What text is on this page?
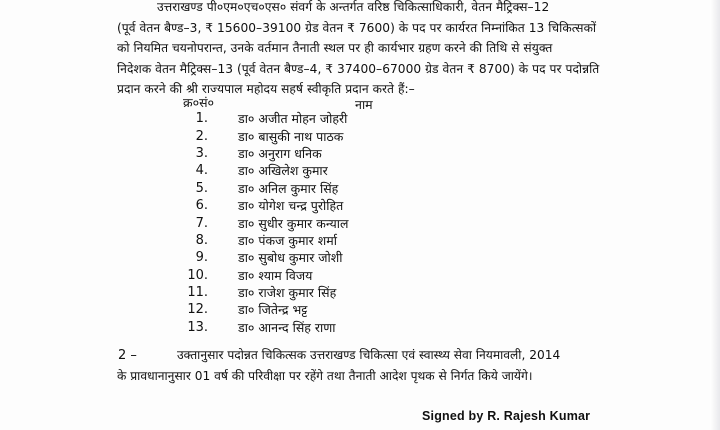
उत्तराखण्ड पी०एम०एच०एस० संवर्ग के अन्तर्गत वरिष्ठ चिकित्साधिकारी, वेतन मैट्रिक्स–12
(पूर्व वेतन बैण्ड–3, ₹ 15600–39100 ग्रेड वेतन ₹ 7600) के पद पर कार्यरत निम्नांकित 13 चिकित्सकों
को नियमित चयनोपरान्त, उनके वर्तमान तैनाती स्थल पर ही कार्यभार ग्रहण करने की तिथि से संयुक्त
निदेशक वेतन मैट्रिक्स–13 (पूर्व वेतन बैण्ड–4, ₹ 37400–67000 ग्रेड वेतन ₹ 8700) के पद पर पदोन्नति
प्रदान करने की श्री राज्यपाल महोदय सहर्ष स्वीकृति प्रदान करते हैं:–
क्र०सं०	नाम
1. डा० अजीत मोहन जोहरी
2. डा० बासुकी नाथ पाठक
3. डा० अनुराग धनिक
4. डा० अखिलेश कुमार
5. डा० अनिल कुमार सिंह
6. डा० योगेश चन्द्र पुरोहित
7. डा० सुधीर कुमार कन्याल
8. डा० पंकज कुमार शर्मा
9. डा० सुबोध कुमार जोशी
10. डा० श्याम विजय
11. डा० राजेश कुमार सिंह
12. डा० जितेन्द्र भट्ट
13. डा० आनन्द सिंह राणा
2 –	उक्तानुसार पदोन्नत चिकित्सक उत्तराखण्ड चिकित्सा एवं स्वास्थ्य सेवा नियमावली, 2014
के प्रावधानानुसार 01 वर्ष की परिवीक्षा पर रहेंगे तथा तैनाती आदेश पृथक से निर्गत किये जायेंगे।
Signed by R. Rajesh Kumar
